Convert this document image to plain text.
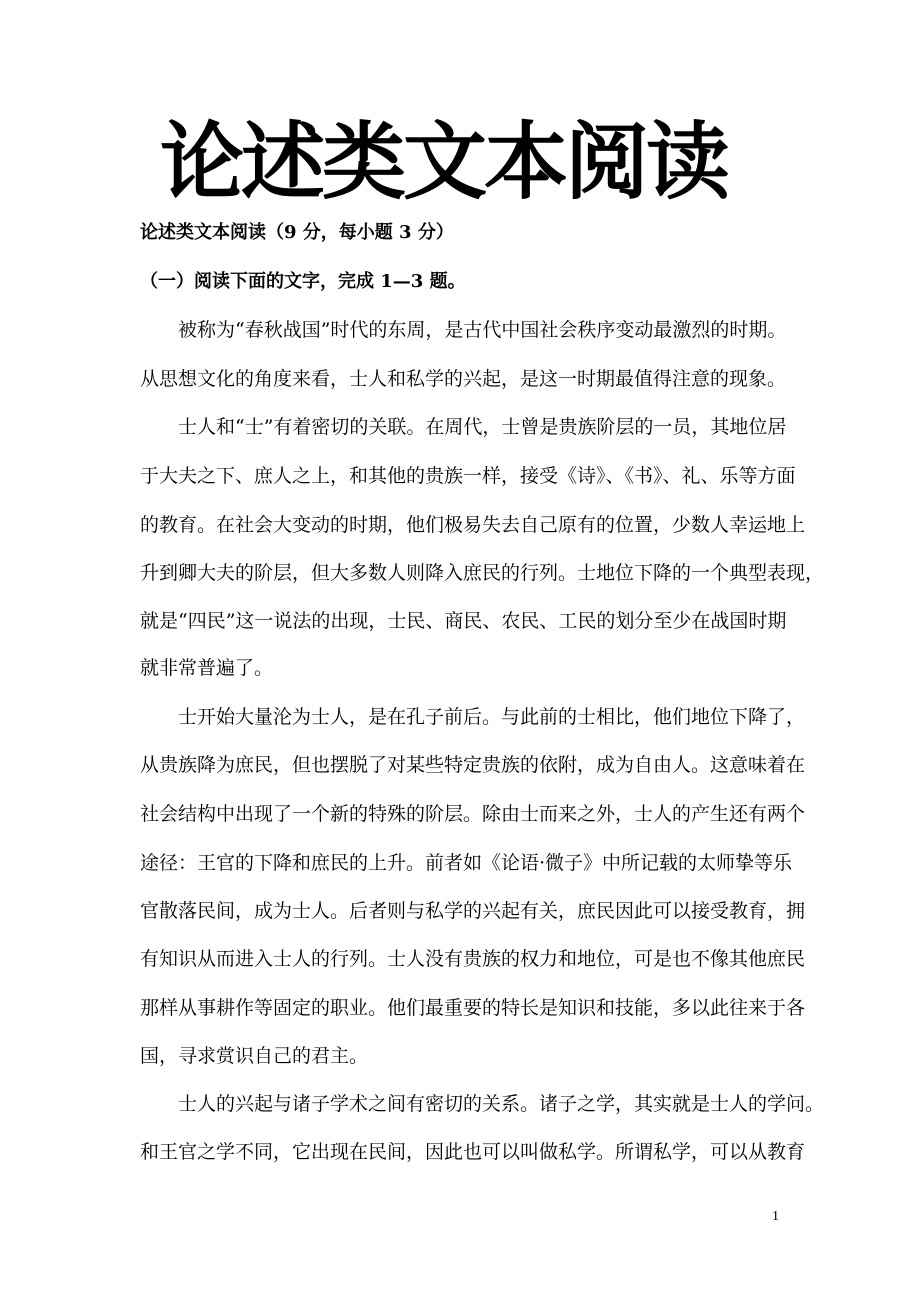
论述类文本阅读
论述类文本阅读（9 分，每小题 3 分）
（一）阅读下面的文字，完成 1—3 题。
被称为“春秋战国”时代的东周，是古代中国社会秩序变动最激烈的时期。
从思想文化的角度来看，士人和私学的兴起，是这一时期最值得注意的现象。
士人和“士”有着密切的关联。在周代，士曾是贵族阶层的一员，其地位居
于大夫之下、庶人之上，和其他的贵族一样，接受《诗》、《书》、礼、乐等方面
的教育。在社会大变动的时期，他们极易失去自己原有的位置，少数人幸运地上
升到卿大夫的阶层，但大多数人则降入庶民的行列。士地位下降的一个典型表现，
就是“四民”这一说法的出现，士民、商民、农民、工民的划分至少在战国时期
就非常普遍了。
士开始大量沦为士人，是在孔子前后。与此前的士相比，他们地位下降了，
从贵族降为庶民，但也摆脱了对某些特定贵族的依附，成为自由人。这意味着在
社会结构中出现了一个新的特殊的阶层。除由士而来之外，士人的产生还有两个
途径：王官的下降和庶民的上升。前者如《论语·微子》中所记载的太师挚等乐
官散落民间，成为士人。后者则与私学的兴起有关，庶民因此可以接受教育，拥
有知识从而进入士人的行列。士人没有贵族的权力和地位，可是也不像其他庶民
那样从事耕作等固定的职业。他们最重要的特长是知识和技能，多以此往来于各
国，寻求赏识自己的君主。
士人的兴起与诸子学术之间有密切的关系。诸子之学，其实就是士人的学问。
和王官之学不同，它出现在民间，因此也可以叫做私学。所谓私学，可以从教育
1
